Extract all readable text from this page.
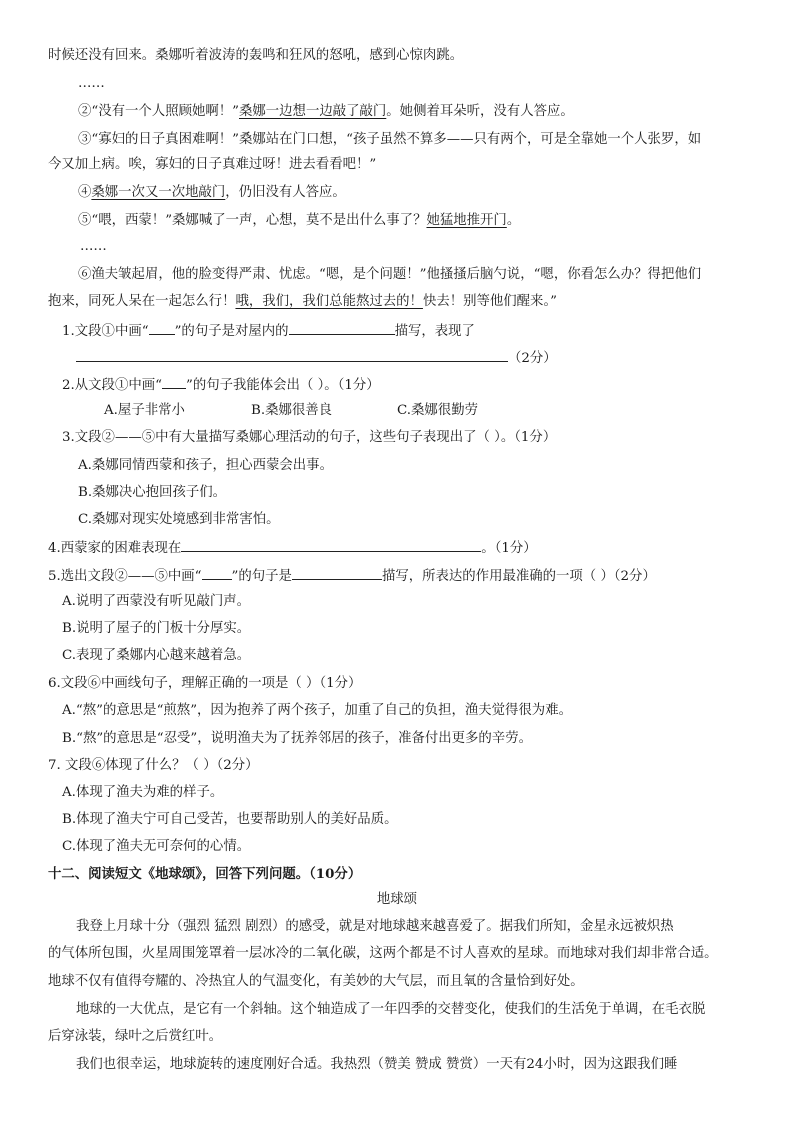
时候还没有回来。桑娜听着波涛的轰鸣和狂风的怒吼，感到心惊肉跳。
……
②“没有一个人照顾她啊！”桑娜一边想一边敲了敲门。她侧着耳朵听，没有人答应。
③“寡妇的日子真困难啊！”桑娜站在门口想，“孩子虽然不算多——只有两个，可是全靠她一个人张罗，如
今又加上病。唉，寡妇的日子真难过呀！进去看看吧！”
④桑娜一次又一次地敲门，仍旧没有人答应。
⑤“喂，西蒙！”桑娜喊了一声，心想，莫不是出什么事了？她猛地推开门。
……
⑥渔夫皱起眉，他的脸变得严肃、忧虑。“嗯，是个问题！”他搔搔后脑勺说，“嗯，你看怎么办？得把他们
抱来，同死人呆在一起怎么行！哦，我们，我们总能熬过去的！快去！别等他们醒来。”
1.文段①中画“ ”的句子是对屋内的	描写，表现了
（2分）
2.从文段①中画“ ”的句子我能体会出（ ）。（1分）
A.屋子非常小	B.桑娜很善良	C.桑娜很勤劳
3.文段②——⑤中有大量描写桑娜心理活动的句子，这些句子表现出了（ ）。（1分）
A.桑娜同情西蒙和孩子，担心西蒙会出事。
B.桑娜决心抱回孩子们。
C.桑娜对现实处境感到非常害怕。
4.西蒙家的困难表现在	。（1分）
5.选出文段②——⑤中画“ ”的句子是	描写，所表达的作用最准确的一项（ ）（2分）
A.说明了西蒙没有听见敲门声。
B.说明了屋子的门板十分厚实。
C.表现了桑娜内心越来越着急。
6.文段⑥中画线句子，理解正确的一项是（ ）（1分）
A.“熬”的意思是“煎熬”，因为抱养了两个孩子，加重了自己的负担，渔夫觉得很为难。
B.“熬”的意思是“忍受”，说明渔夫为了抚养邻居的孩子，准备付出更多的辛劳。
7. 文段⑥体现了什么？（ ）（2分）
A.体现了渔夫为难的样子。
B.体现了渔夫宁可自己受苦，也要帮助别人的美好品质。
C.体现了渔夫无可奈何的心情。
十二、阅读短文《地球颂》，回答下列问题。（10分）
地球颂
我登上月球十分（强烈 猛烈 剧烈）的感受，就是对地球越来越喜爱了。据我们所知，金星永远被炽热
的气体所包围，火星周围笼罩着一层冰冷的二氧化碳，这两个都是不讨人喜欢的星球。而地球对我们却非常合适。
地球不仅有值得夸耀的、冷热宜人的气温变化，有美妙的大气层，而且氧的含量恰到好处。
地球的一大优点，是它有一个斜轴。这个轴造成了一年四季的交替变化，使我们的生活免于单调，在毛衣脱
后穿泳装，绿叶之后赏红叶。
我们也很幸运，地球旋转的速度刚好合适。我热烈（赞美 赞成 赞赏）一天有24小时，因为这跟我们睡
